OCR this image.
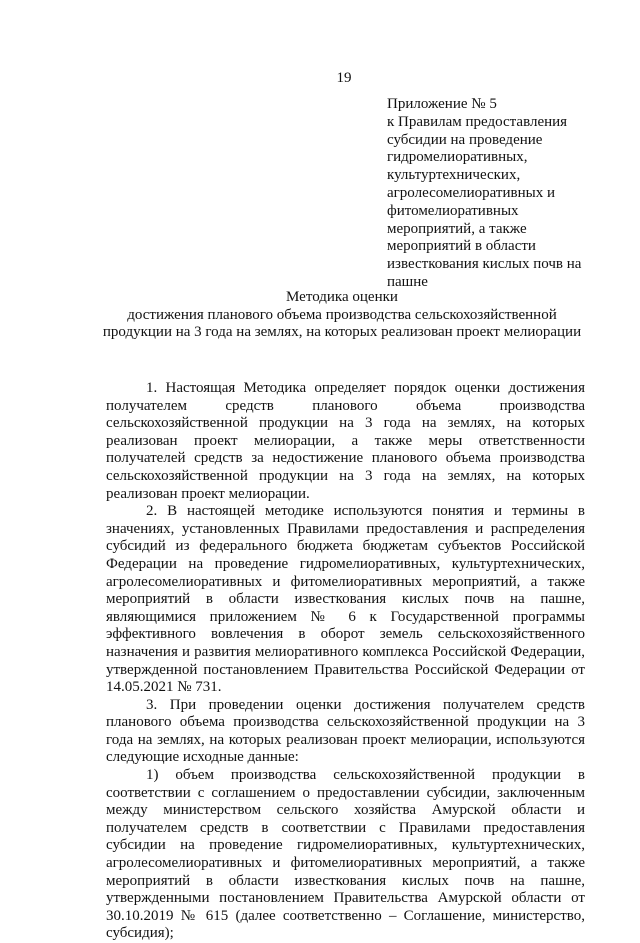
19
Приложение № 5
к Правилам предоставления
субсидии на проведение
гидромелиоративных,
культуртехнических,
агролесомелиоративных и
фитомелиоративных
мероприятий, а также
мероприятий в области
известкования кислых почв на
пашне
Методика оценки
достижения планового объема производства сельскохозяйственной
продукции на 3 года на землях, на которых реализован проект мелиорации

1. Настоящая Методика определяет порядок оценки достижения получателем средств планового объема производства сельскохозяйственной продукции на 3 года на землях, на которых реализован проект мелиорации, а также меры ответственности получателей средств за недостижение планового объема производства сельскохозяйственной продукции на 3 года на землях, на которых реализован проект мелиорации.

2. В настоящей методике используются понятия и термины в значениях, установленных Правилами предоставления и распределения субсидий из федерального бюджета бюджетам субъектов Российской Федерации на проведение гидромелиоративных, культуртехнических, агролесомелиоративных и фитомелиоративных мероприятий, а также мероприятий в области известкования кислых почв на пашне, являющимися приложением № 6 к Государственной программы эффективного вовлечения в оборот земель сельскохозяйственного назначения и развития мелиоративного комплекса Российской Федерации, утвержденной постановлением Правительства Российской Федерации от 14.05.2021 № 731.

3. При проведении оценки достижения получателем средств планового объема производства сельскохозяйственной продукции на 3 года на землях, на которых реализован проект мелиорации, используются следующие исходные данные:

1) объем производства сельскохозяйственной продукции в соответствии с соглашением о предоставлении субсидии, заключенным между министерством сельского хозяйства Амурской области и получателем средств в соответствии с Правилами предоставления субсидии на проведение гидромелиоративных, культуртехнических, агролесомелиоративных и фитомелиоративных мероприятий, а также мероприятий в области известкования кислых почв на пашне, утвержденными постановлением Правительства Амурской области от 30.10.2019 № 615 (далее соответственно – Соглашение, министерство, субсидия);
